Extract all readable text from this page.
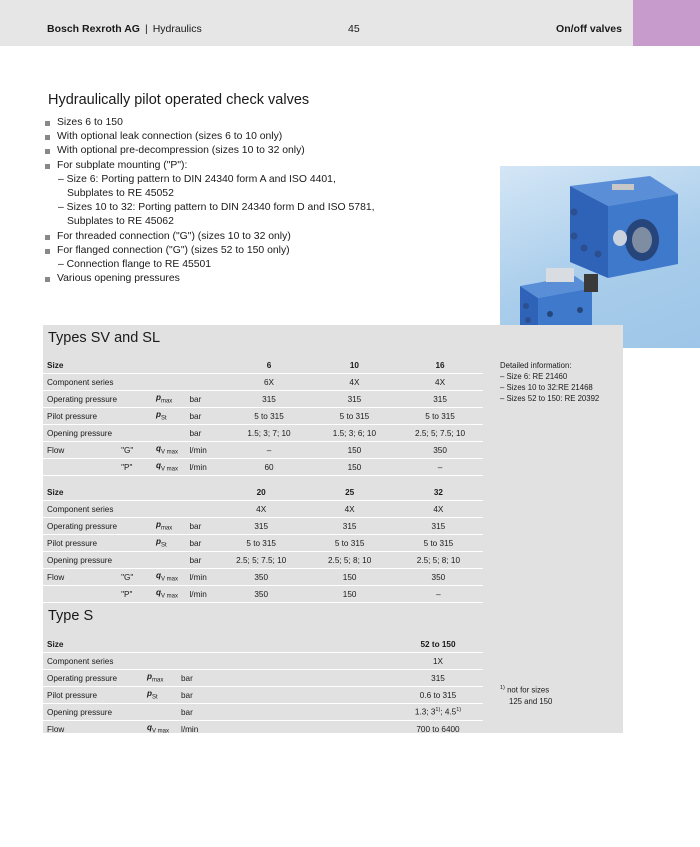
Bosch Rexroth AG | Hydraulics	45	On/off valves
Hydraulically pilot operated check valves
Sizes 6 to 150
With optional leak connection (sizes 6 to 10 only)
With optional pre-decompression (sizes 10 to 32 only)
For subplate mounting ("P"):
– Size 6: Porting pattern to DIN 24340 form A and ISO 4401,
Subplates to RE 45052
– Sizes 10 to 32: Porting pattern to DIN 24340 form D and ISO 5781,
Subplates to RE 45062
For threaded connection ("G") (sizes 10 to 32 only)
For flanged connection ("G") (sizes 52 to 150 only)
– Connection flange to RE 45501
Various opening pressures
Types SV and SL
Size				6	10	16
Component series				6X	4X	4X
Operating pressure		$p_{max}$	bar	315	315	315
Pilot pressure		$p_{St}$	bar	5 to 315	5 to 315	5 to 315
Opening pressure			bar	1.5; 3; 7; 10	1.5; 3; 6; 10	2.5; 5; 7.5; 10
Flow	"G"	$q_{V max}$	l/min	–	150	350
	"P"	$q_{V max}$	l/min	60	150	–
Detailed information:
– Size 6: RE 21460
– Sizes 10 to 32:RE 21468
– Sizes 52 to 150: RE 20392
Size				20	25	32
Component series				4X	4X	4X
Operating pressure		$p_{max}$	bar	315	315	315
Pilot pressure		$p_{St}$	bar	5 to 315	5 to 315	5 to 315
Opening pressure			bar	2.5; 5; 7.5; 10	2.5; 5; 8; 10	2.5; 5; 8; 10
Flow	"G"	$q_{V max}$	l/min	350	150	350
	"P"	$q_{V max}$	l/min	350	150	–
Type S
Size			52 to 150
Component series			1X
Operating pressure	$p_{max}$	bar	315
Pilot pressure	$p_{St}$	bar	0.6 to 315
Opening pressure		bar	1.3; 3$^{1)}$; 4.5$^{1)}$
Flow	$q_{V max}$	l/min	700 to 6400
$^{1)}$ not for sizes
125 and 150
